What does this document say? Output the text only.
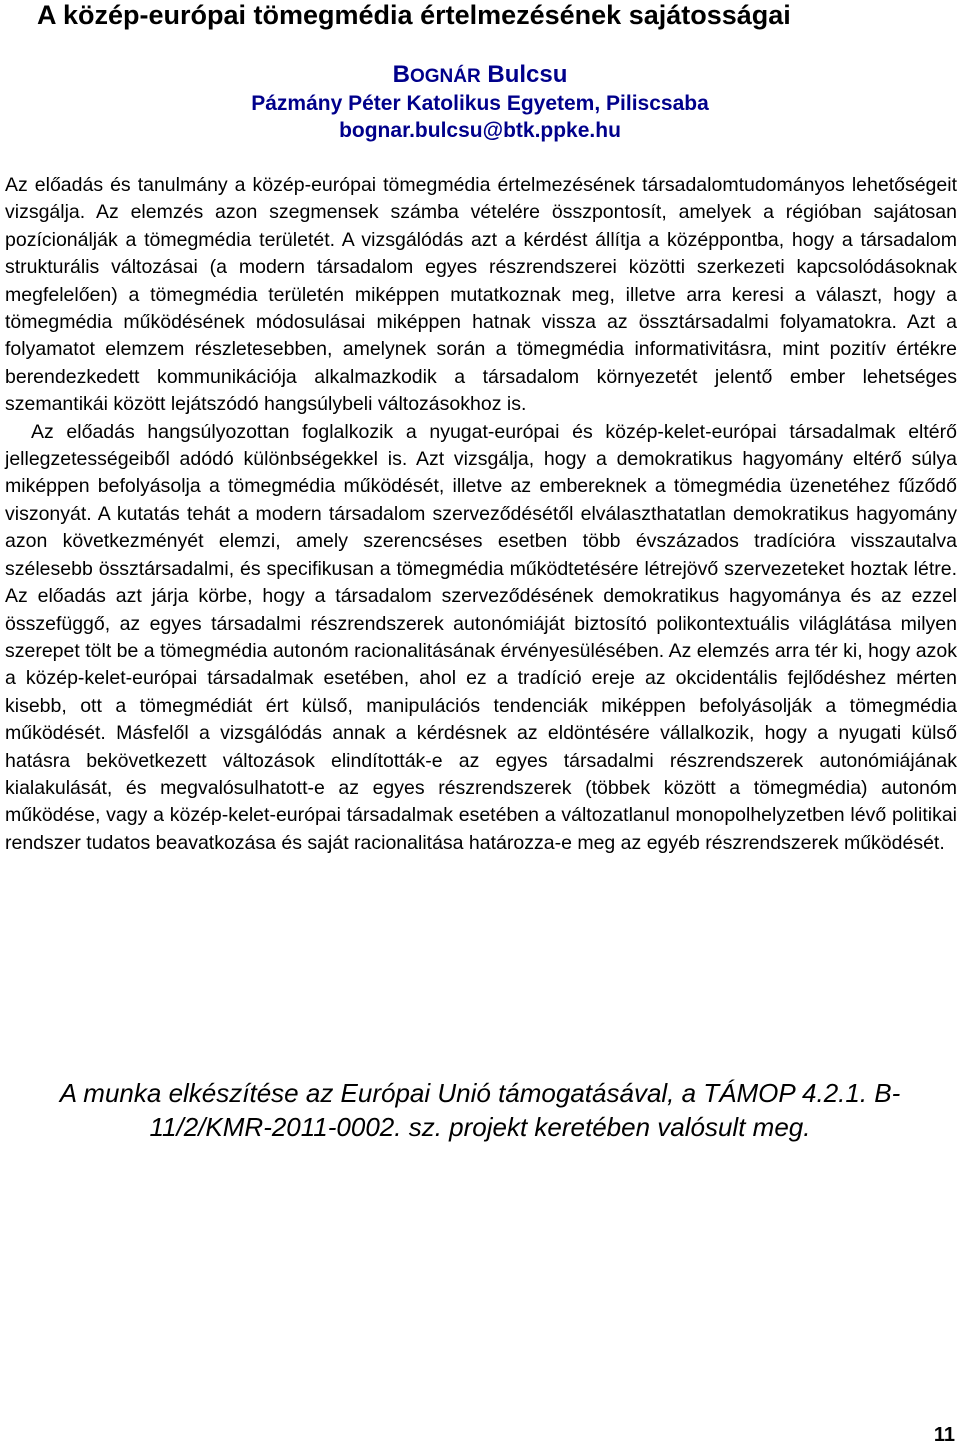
A közép-európai tömegmédia értelmezésének sajátosságai
BOGNÁR Bulcsu
Pázmány Péter Katolikus Egyetem, Piliscsaba
bognar.bulcsu@btk.ppke.hu

Az előadás és tanulmány a közép-európai tömegmédia értelmezésének társadalomtudományos lehetőségeit vizsgálja. Az elemzés azon szegmensek számba vételére összpontosít, amelyek a régióban sajátosan pozícionálják a tömegmédia területét. A vizsgálódás azt a kérdést állítja a középpontba, hogy a társadalom strukturális változásai (a modern társadalom egyes részrendszerei közötti szerkezeti kapcsolódásoknak megfelelően) a tömegmédia területén miképpen mutatkoznak meg, illetve arra keresi a választ, hogy a tömegmédia működésének módosulásai miképpen hatnak vissza az össztársadalmi folyamatokra. Azt a folyamatot elemzem részletesebben, amelynek során a tömegmédia informativitásra, mint pozitív értékre berendezkedett kommunikációja alkalmazkodik a társadalom környezetét jelentő ember lehetséges szemantikái között lejátszódó hangsúlybeli változásokhoz is.

Az előadás hangsúlyozottan foglalkozik a nyugat-európai és közép-kelet-európai társadalmak eltérő jellegzetességeiből adódó különbségekkel is. Azt vizsgálja, hogy a demokratikus hagyomány eltérő súlya miképpen befolyásolja a tömegmédia működését, illetve az embereknek a tömegmédia üzenetéhez fűződő viszonyát. A kutatás tehát a modern társadalom szerveződésétől elválaszthatatlan demokratikus hagyomány azon következményét elemzi, amely szerencséses esetben több évszázados tradícióra visszautalva szélesebb össztársadalmi, és specifikusan a tömegmédia működtetésére létrejövő szervezeteket hoztak létre. Az előadás azt járja körbe, hogy a társadalom szerveződésének demokratikus hagyománya és az ezzel összefüggő, az egyes társadalmi részrendszerek autonómiáját biztosító polikontextuális világlátása milyen szerepet tölt be a tömegmédia autonóm racionalitásának érvényesülésében. Az elemzés arra tér ki, hogy azok a közép-kelet-európai társadalmak esetében, ahol ez a tradíció ereje az okcidentális fejlődéshez mérten kisebb, ott a tömegmédiát ért külső, manipulációs tendenciák miképpen befolyásolják a tömegmédia működését. Másfelől a vizsgálódás annak a kérdésnek az eldöntésére vállalkozik, hogy a nyugati külső hatásra bekövetkezett változások elindították-e az egyes társadalmi részrendszerek autonómiájának kialakulását, és megvalósulhatott-e az egyes részrendszerek (többek között a tömegmédia) autonóm működése, vagy a közép-kelet-európai társadalmak esetében a változatlanul monopolhelyzetben lévő politikai rendszer tudatos beavatkozása és saját racionalitása határozza-e meg az egyéb részrendszerek működését.

A munka elkészítése az Európai Unió támogatásával, a TÁMOP 4.2.1. B-11/2/KMR-2011-0002. sz. projekt keretében valósult meg.

11
